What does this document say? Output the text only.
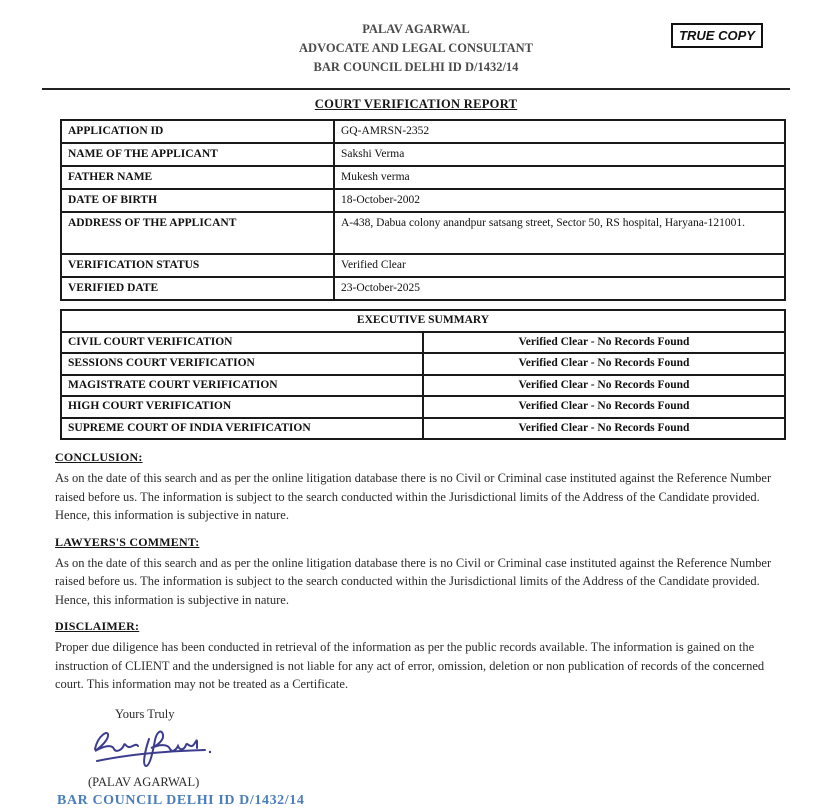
TRUE COPY
PALAV AGARWAL
ADVOCATE AND LEGAL CONSULTANT
BAR COUNCIL DELHI ID D/1432/14
COURT VERIFICATION REPORT
APPLICATION ID	GQ-AMRSN-2352
NAME OF THE APPLICANT	Sakshi Verma
FATHER NAME	Mukesh verma
DATE OF BIRTH	18-October-2002
ADDRESS OF THE APPLICANT	A-438, Dabua colony anandpur satsang street, Sector 50, RS hospital, Haryana-121001.
VERIFICATION STATUS	Verified Clear
VERIFIED DATE	23-October-2025
EXECUTIVE SUMMARY	
CIVIL COURT VERIFICATION	Verified Clear - No Records Found
SESSIONS COURT VERIFICATION	Verified Clear - No Records Found
MAGISTRATE COURT VERIFICATION	Verified Clear - No Records Found
HIGH COURT VERIFICATION	Verified Clear - No Records Found
SUPREME COURT OF INDIA VERIFICATION	Verified Clear - No Records Found
CONCLUSION:
As on the date of this search and as per the online litigation database there is no Civil or Criminal case instituted against the Reference Number raised before us. The information is subject to the search conducted within the Jurisdictional limits of the Address of the Candidate provided. Hence, this information is subjective in nature.
LAWYERS'S COMMENT:
As on the date of this search and as per the online litigation database there is no Civil or Criminal case instituted against the Reference Number raised before us. The information is subject to the search conducted within the Jurisdictional limits of the Address of the Candidate provided. Hence, this information is subjective in nature.
DISCLAIMER:
Proper due diligence has been conducted in retrieval of the information as per the public records available. The information is gained on the instruction of CLIENT and the undersigned is not liable for any act of error, omission, deletion or non publication of records of the concerned court. This information may not be treated as a Certificate.
Yours Truly
(PALAV AGARWAL)
BAR COUNCIL DELHI ID D/1432/14
